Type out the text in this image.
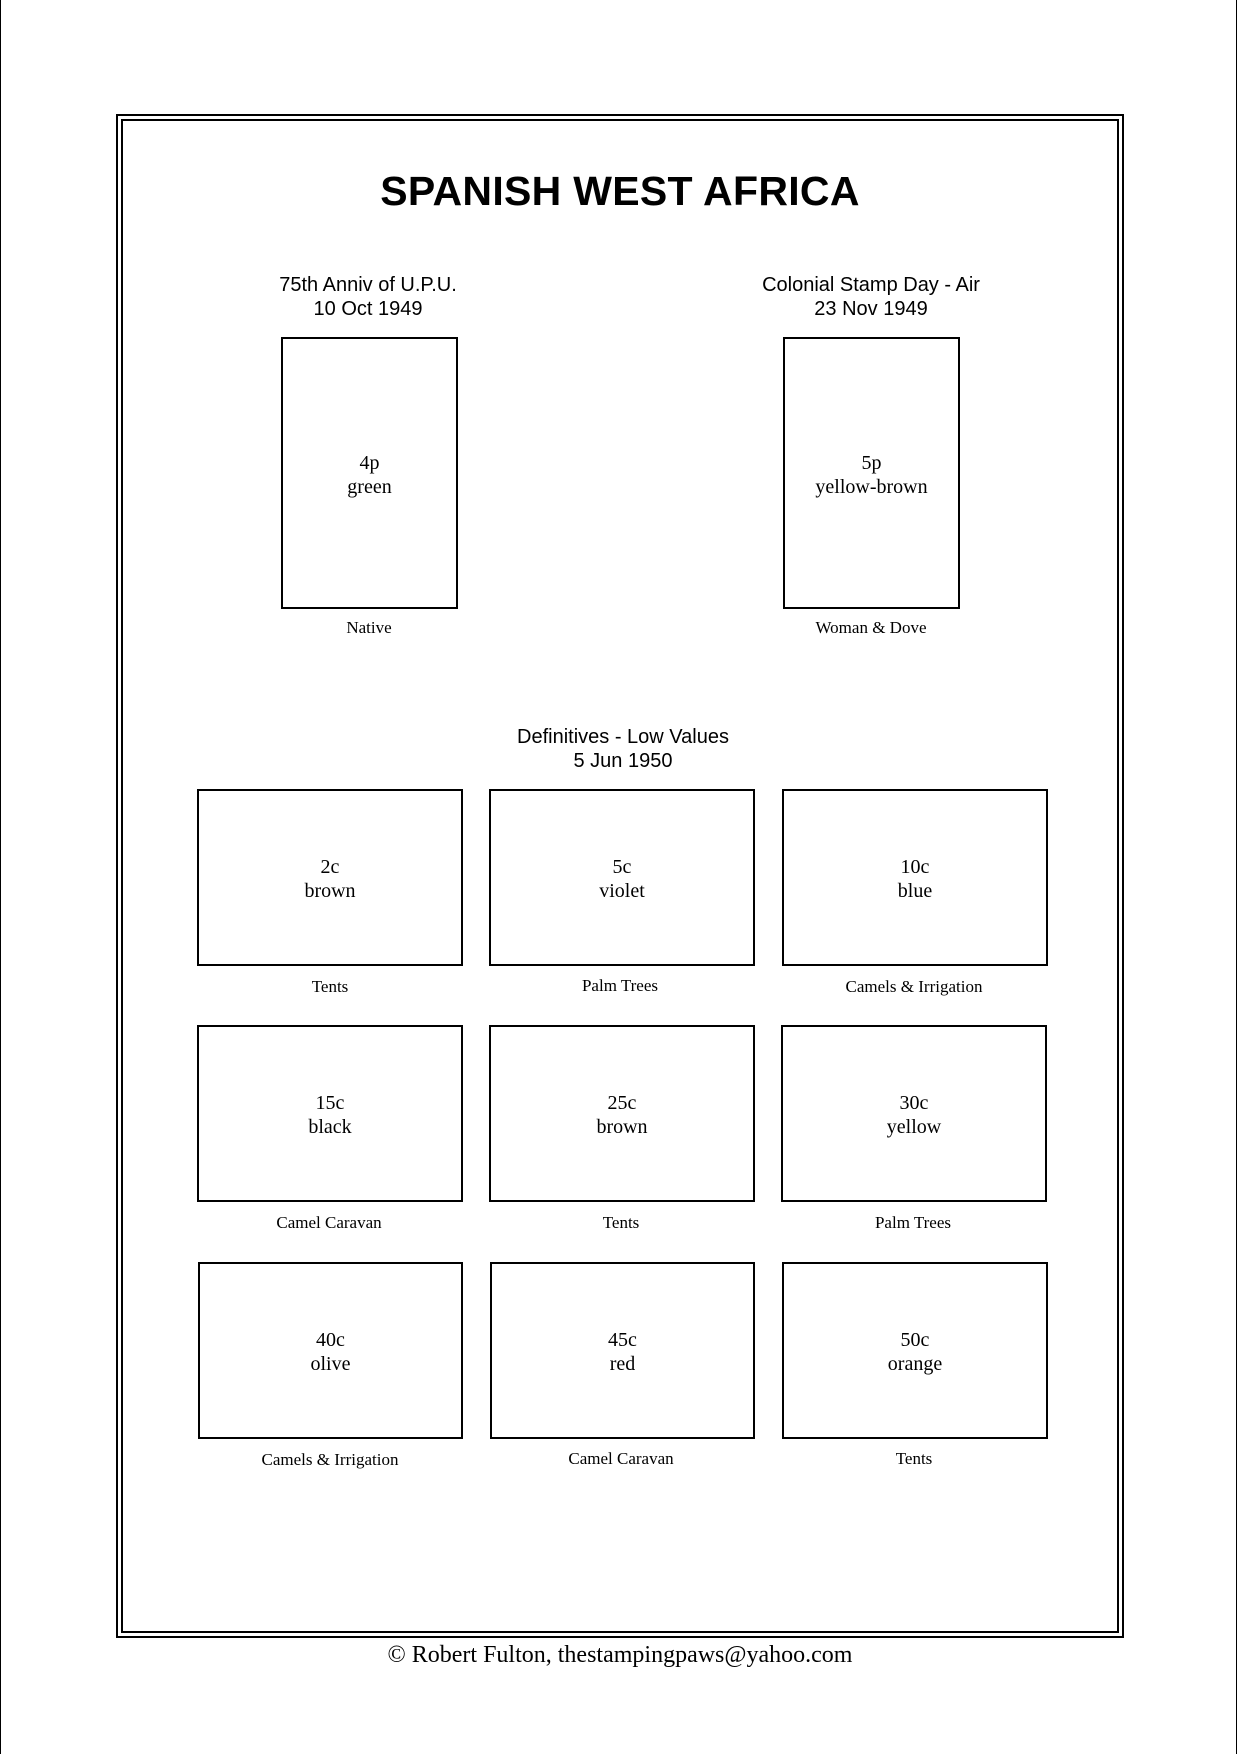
SPANISH WEST AFRICA
75th Anniv of U.P.U.
10 Oct 1949
4p
green
Native
Colonial Stamp Day - Air
23 Nov 1949
5p
yellow-brown
Woman & Dove
Definitives - Low Values
5 Jun 1950
2c
brown
Tents
5c
violet
Palm Trees
10c
blue
Camels & Irrigation
15c
black
Camel Caravan
25c
brown
Tents
30c
yellow
Palm Trees
40c
olive
Camels & Irrigation
45c
red
Camel Caravan
50c
orange
Tents
© Robert Fulton, thestampingpaws@yahoo.com
